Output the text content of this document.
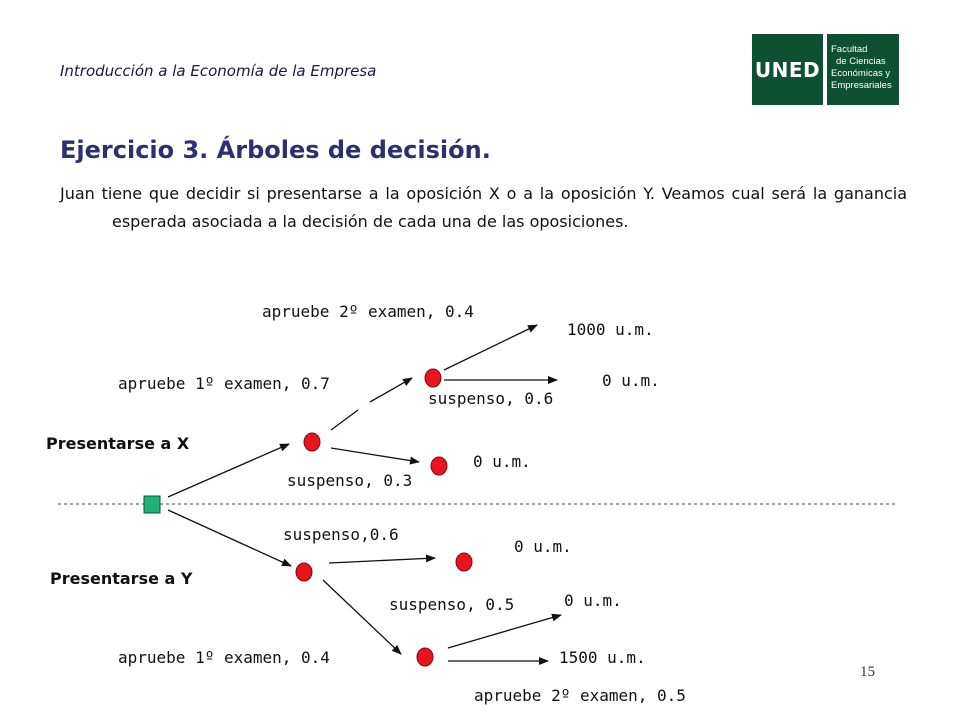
Introducción a la Economía de la Empresa	UNED
Facultad
de Ciencias
Económicas y
Empresariales
Ejercicio 3. Árboles de decisión.
Juan tiene que decidir si presentarse a la oposición X o a la oposición Y. Veamos cual será la ganancia esperada asociada a la decisión de cada una de las oposiciones.
Presentarse a X
Presentarse a Y
apruebe 2º examen, 0.4
1000 u.m.
apruebe 1º examen, 0.7	0 u.m.
suspenso, 0.6
0 u.m.
suspenso, 0.3
suspenso,0.6
0 u.m.
suspenso, 0.5	0 u.m.
apruebe 1º examen, 0.4	1500 u.m.
apruebe 2º examen, 0.5
15
